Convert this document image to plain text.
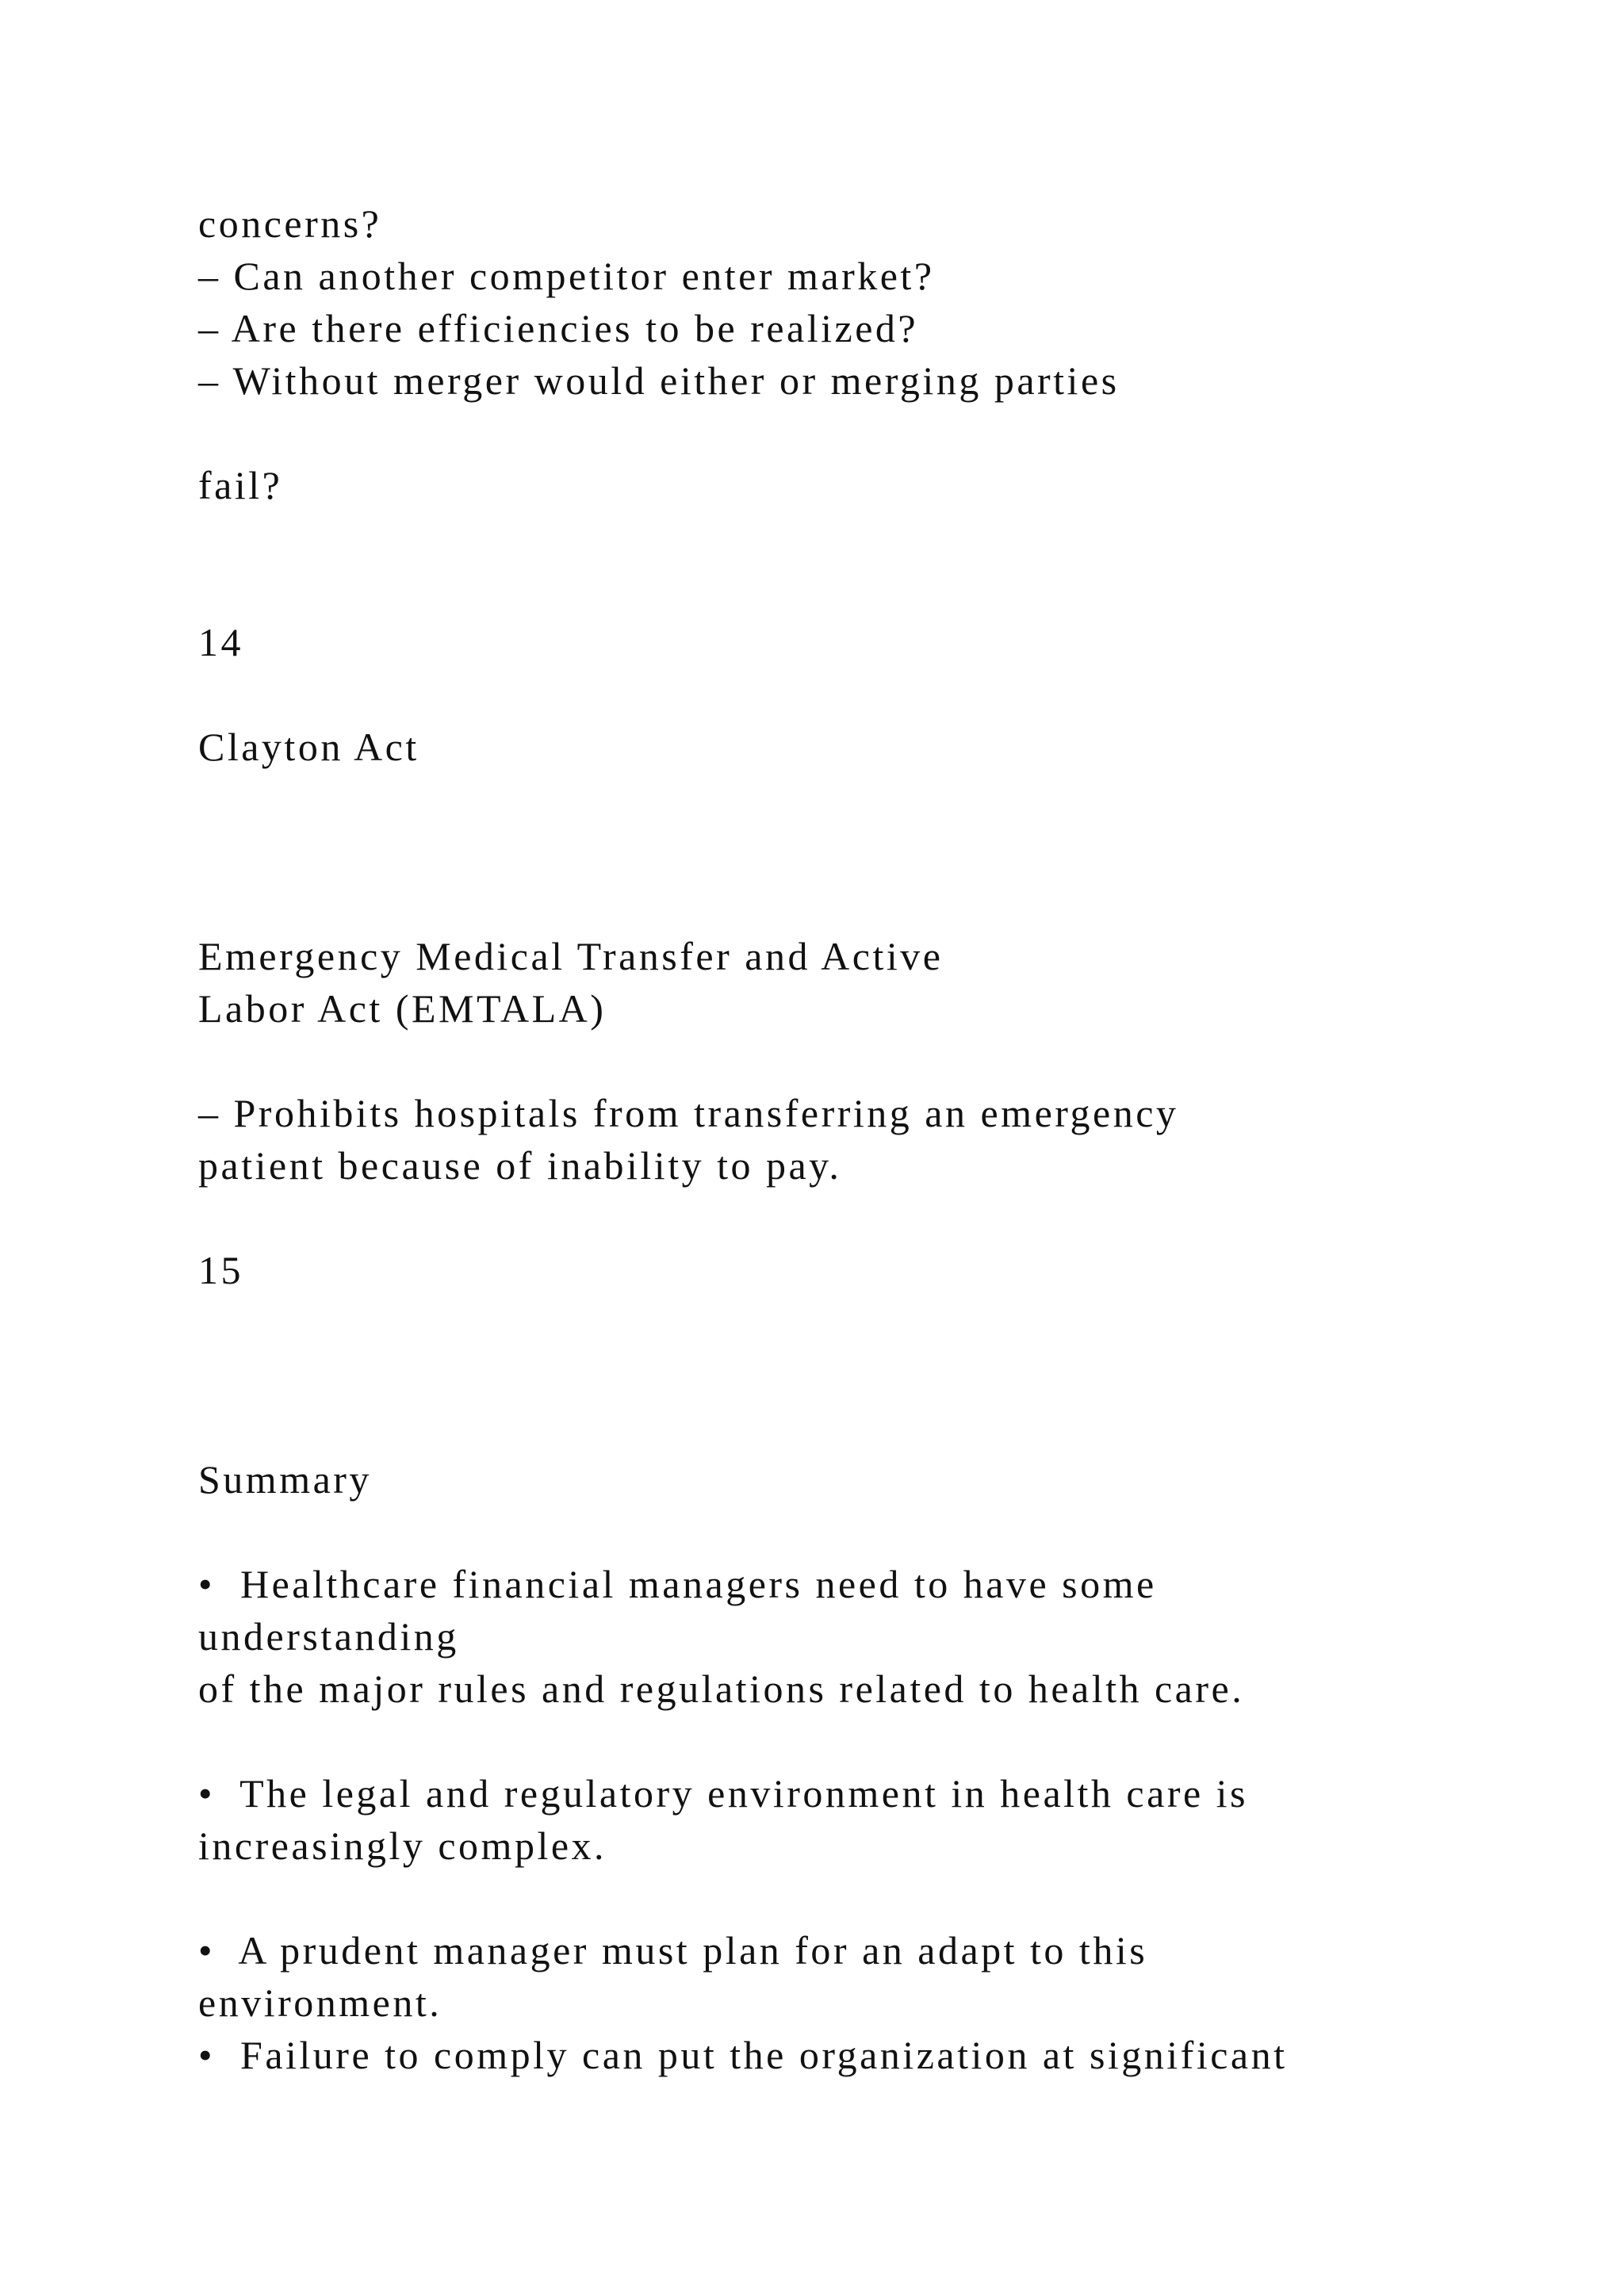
concerns?

– Can another competitor enter market?

– Are there efficiencies to be realized?

– Without merger would either or merging parties

fail?

14

Clayton Act

Emergency Medical Transfer and Active

Labor Act (EMTALA)

– Prohibits hospitals from transferring an emergency

patient because of inability to pay.

15

Summary

•  Healthcare financial managers need to have some

understanding

of the major rules and regulations related to health care.

•  The legal and regulatory environment in health care is

increasingly complex.

•  A prudent manager must plan for an adapt to this

environment.

•  Failure to comply can put the organization at significant
